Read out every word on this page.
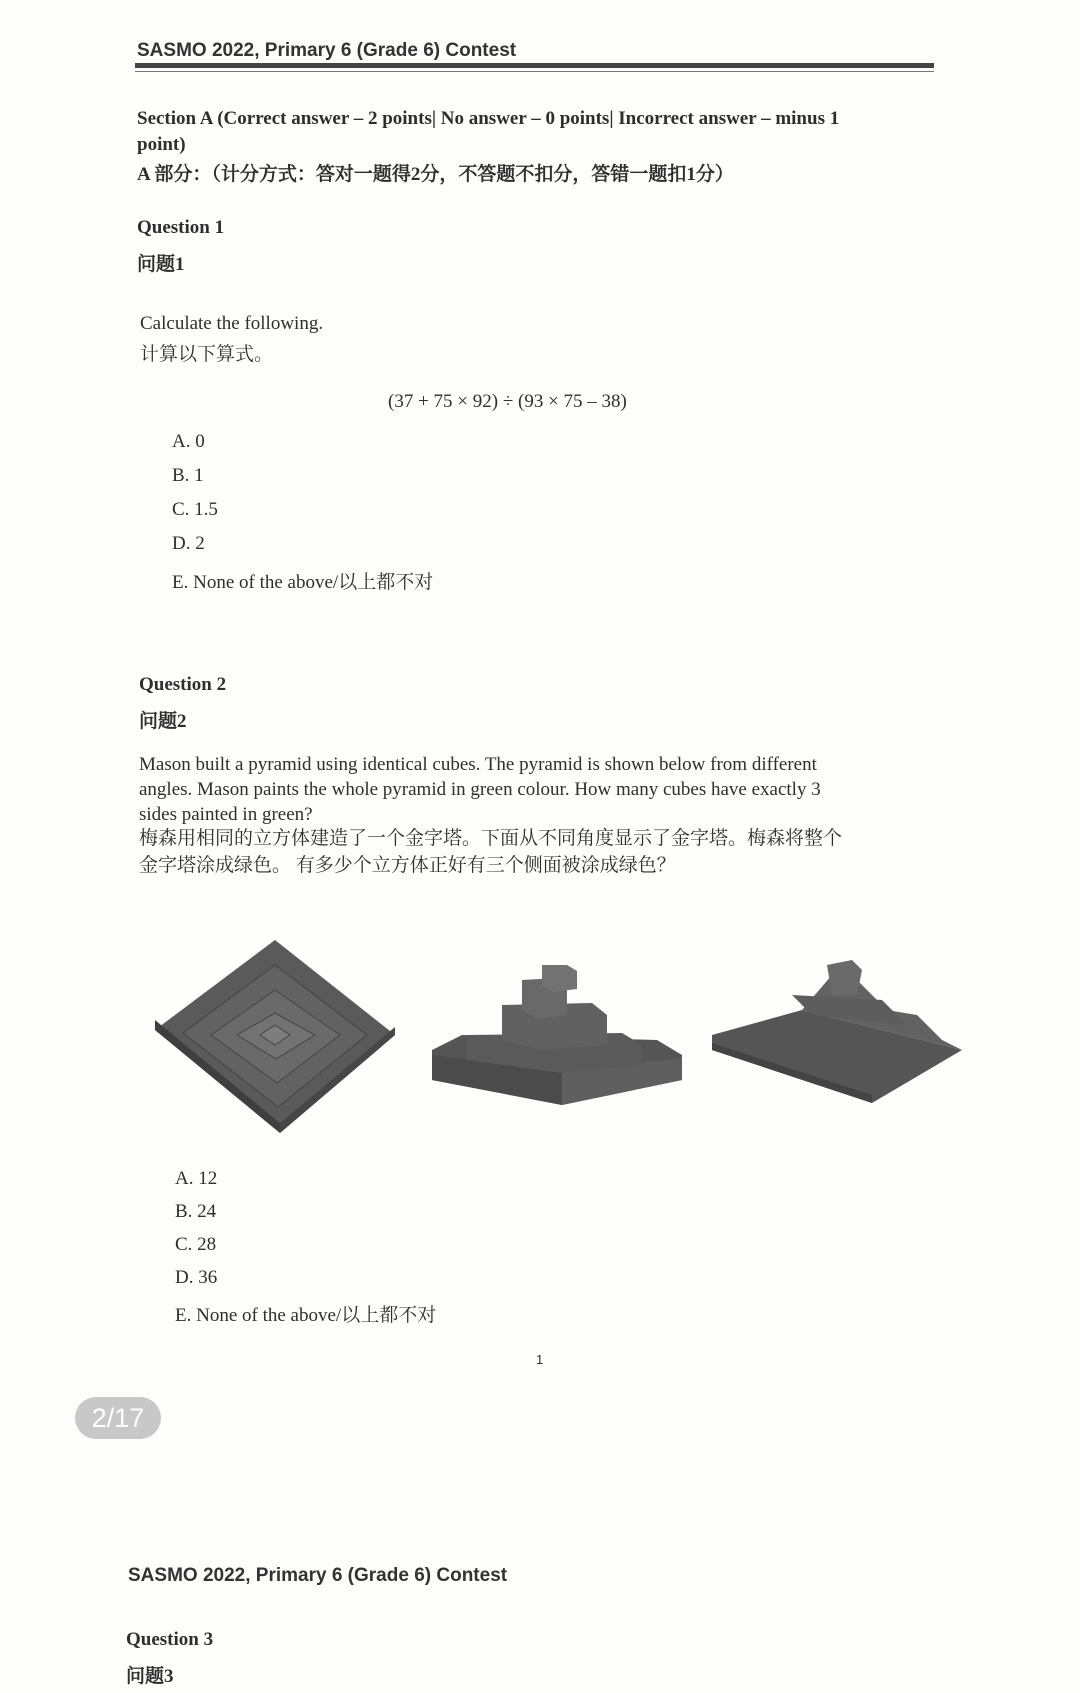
SASMO 2022, Primary 6 (Grade 6) Contest
Section A (Correct answer – 2 points| No answer – 0 points| Incorrect answer – minus 1
point)
A 部分：（计分方式：答对一题得2分，不答题不扣分，答错一题扣1分）
Question 1
问题1
Calculate the following.
计算以下算式。
(37 + 75 × 92) ÷ (93 × 75 – 38)
A. 0
B. 1
C. 1.5
D. 2
E. None of the above/以上都不对
Question 2
问题2
Mason built a pyramid using identical cubes. The pyramid is shown below from different
angles. Mason paints the whole pyramid in green colour. How many cubes have exactly 3
sides painted in green?
梅森用相同的立方体建造了一个金字塔。下面从不同角度显示了金字塔。梅森将整个
金字塔涂成绿色。 有多少个立方体正好有三个侧面被涂成绿色？
A. 12
B. 24
C. 28
D. 36
E. None of the above/以上都不对
1
2/17
SASMO 2022, Primary 6 (Grade 6) Contest
Question 3
问题3
